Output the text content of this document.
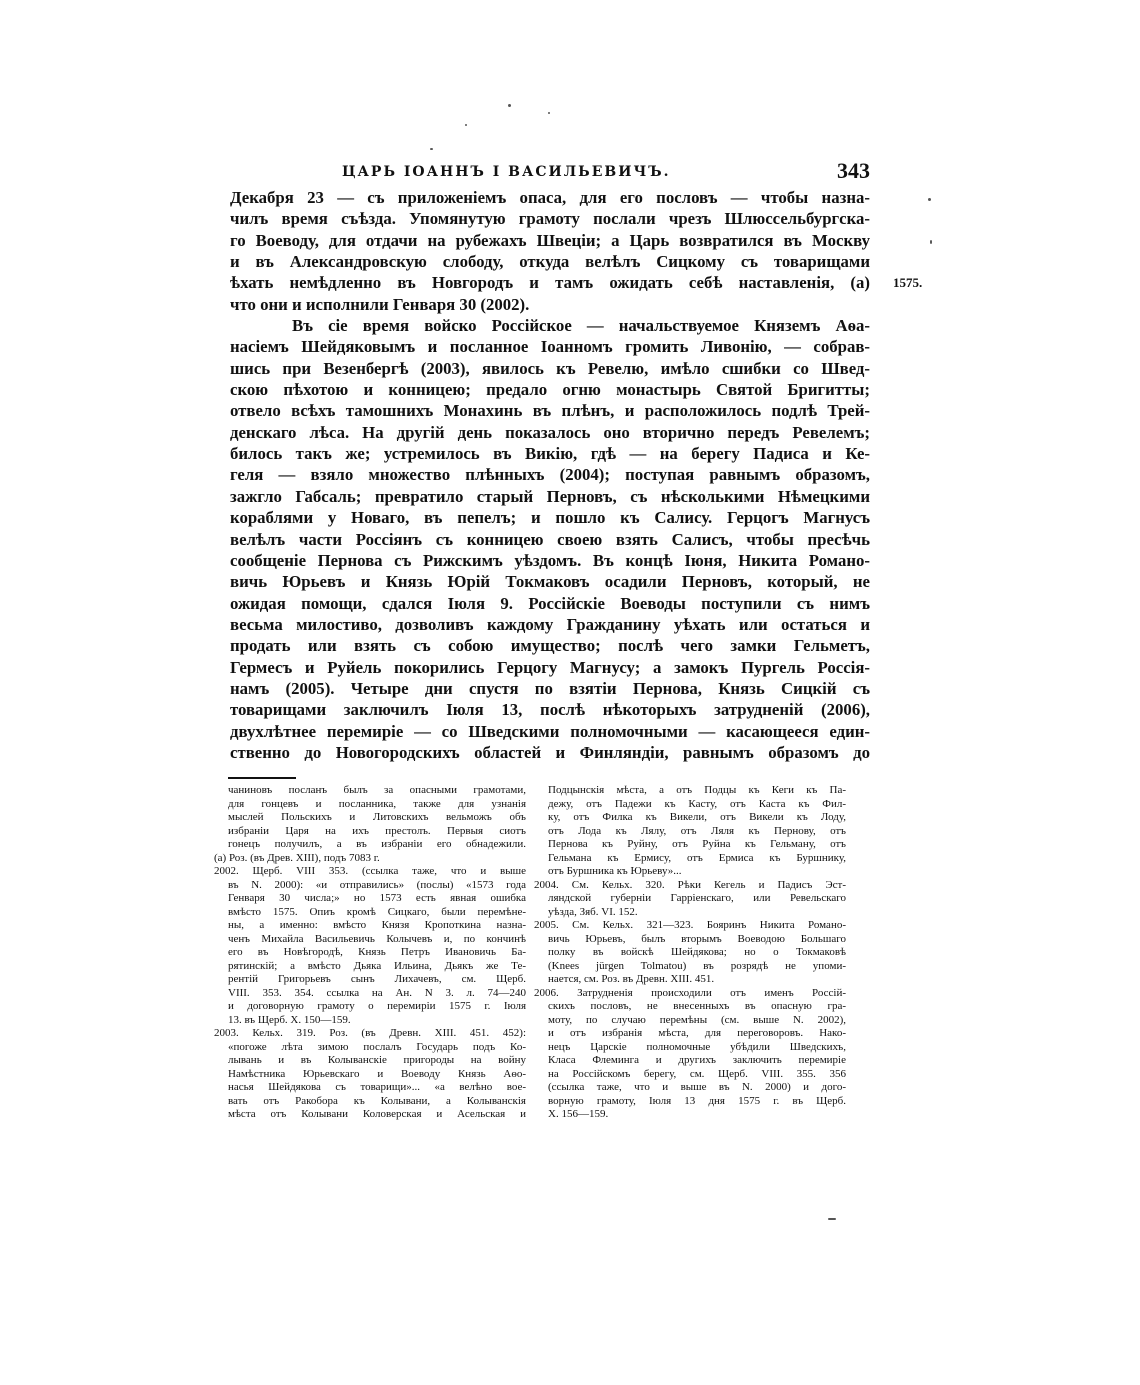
ЦАРЬ ІОАННЪ І ВАСИЛЬЕВИЧЪ.	343
1575.
Декабря 23 — съ приложеніемъ опаса, для его пословъ — чтобы назна-
чилъ время съѣзда. Упомянутую грамоту послали чрезъ Шлюссельбургска-
го Воеводу, для отдачи на рубежахъ Швеціи; а Царь возвратился въ Москву
и въ Александровскую слободу, откуда велѣлъ Сицкому съ товарищами
ѣхать немѣдленно въ Новгородъ и тамъ ожидать себѣ наставленія, (а)
что они и исполнили Генваря 30 (2002).
Въ сіе время войско Россійское — начальствуемое Княземъ Аѳа-
насіемъ Шейдяковымъ и посланное Іоанномъ громить Ливонію, — собрав-
шись при Везенбергѣ (2003), явилось къ Ревелю, имѣло сшибки со Швед-
скою пѣхотою и конницею; предало огню монастырь Святой Бригитты;
отвело всѣхъ тамошнихъ Монахинь въ плѣнъ, и расположилось подлѣ Трей-
денскаго лѣса. На другій день показалось оно вторично передъ Ревелемъ;
билось такъ же; устремилось въ Викію, гдѣ — на берегу Падиса и Ке-
геля — взяло множество плѣнныхъ (2004); поступая равнымъ образомъ,
зажгло Габсаль; превратило старый Перновъ, съ нѣсколькими Нѣмецкими
кораблями у Новаго, въ пепелъ; и пошло къ Салису. Герцогъ Магнусъ
велѣлъ части Россіянъ съ конницею своею взять Салисъ, чтобы пресѣчь
сообщеніе Пернова съ Рижскимъ уѣздомъ. Въ концѣ Іюня, Никита Романо-
вичь Юрьевъ и Князь Юрій Токмаковъ осадили Перновъ, который, не
ожидая помощи, сдался Іюля 9. Россійскіе Воеводы поступили съ нимъ
весьма милостиво, дозволивъ каждому Гражданину уѣхать или остаться и
продать или взять съ собою имущество; послѣ чего замки Гельметъ,
Гермесъ и Руйель покорились Герцогу Магнусу; а замокъ Пургель Россія-
намъ (2005). Четыре дни спустя по взятіи Пернова, Князь Сицкій съ
товарищами заключилъ Іюля 13, послѣ нѣкоторыхъ затрудненій (2006),
двухлѣтнее перемиріе — со Шведскими полномочными — касающееся един-
ственно до Новогородскихъ областей и Финляндіи, равнымъ образомъ до
чаниновъ посланъ былъ за опасными грамотами,
для гонцевъ и посланника, также для узнанія
мыслей Польскихъ и Литовскихъ вельможъ объ
избраніи Царя на ихъ престолъ. Первыя сиотъ
гонецъ получилъ, а въ избраніи его обнадежили.
(а) Роз. (въ Древ. XIII), подъ 7083 г.
2002. Щерб. VIII 353. (ссылка таже, что и выше
въ N. 2000): «и отправились» (послы) «1573 года
Генваря 30 числа;» но 1573 есть явная ошибка
вмѣсто 1575. Опиъ кромѣ Сицкаго, были перемѣне-
ны, а именно: вмѣсто Князя Кропоткина назна-
ченъ Михайла Васильевичь Колычевъ и, по кончинѣ
его въ Новѣгородѣ, Князь Петръ Ивановичь Ба-
рятинскій; а вмѣсто Дьяка Ильина, Дьякъ же Те-
рентій Григорьевъ сынъ Лихачевъ, см. Щерб.
VIII. 353. 354. ссылка на Ан. N 3. л. 74—240
и договорную грамоту о перемиріи 1575 г. Іюля
13. въ Щерб. X. 150—159.
2003. Кельх. 319. Роз. (въ Древн. XIII. 451. 452):
«погоже лѣта зимою послалъ Государь подъ Ко-
лывань и въ Колыванскіе пригороды на войну
Намѣстника Юрьевскаго и Воеводу Князь Аѳо-
насья Шейдякова съ товарищи»... «а велѣно вое-
вать отъ Ракобора къ Колывани, а Колыванскія
мѣста отъ Колывани Коловерская и Асельская и
Подцынскія мѣста, а отъ Подцы къ Кеги къ Па-
дежу, отъ Падежи къ Касту, отъ Каста къ Фил-
ку, отъ Филка къ Викели, отъ Викели къ Лоду,
отъ Лода къ Лялу, отъ Ляля къ Пернову, отъ
Пернова къ Руйну, отъ Руйна къ Гельману, отъ
Гельмана къ Ермису, отъ Ермиса къ Буршнику,
отъ Буршника къ Юрьеву»...
2004. См. Кельх. 320. Рѣки Кегель и Падисъ Эст-
ляндской губерніи Гарріенскаго, или Ревельскаго
уѣзда, Зяб. VI. 152.
2005. См. Кельх. 321—323. Бояринъ Никита Романо-
вичь Юрьевъ, былъ вторымъ Воеводою Большаго
полку въ войскѣ Шейдякова; но о Токмаковѣ
(Knees jürgen Tolmatou) въ розрядѣ не упоми-
нается, см. Роз. въ Древн. XIII. 451.
2006. Затрудненія происходили отъ именъ Россій-
скихъ пословъ, не внесенныхъ въ опасную гра-
моту, по случаю перемѣны (см. выше N. 2002),
и отъ избранія мѣста, для переговоровъ. Нако-
нецъ Царскіе полномочные убѣдили Шведскихъ,
Класа Флеминга и другихъ заключить перемиріе
на Россійскомъ берегу, см. Щерб. VIII. 355. 356
(ссылка таже, что и выше въ N. 2000) и дого-
ворную грамоту, Іюля 13 дня 1575 г. въ Щерб.
X. 156—159.
